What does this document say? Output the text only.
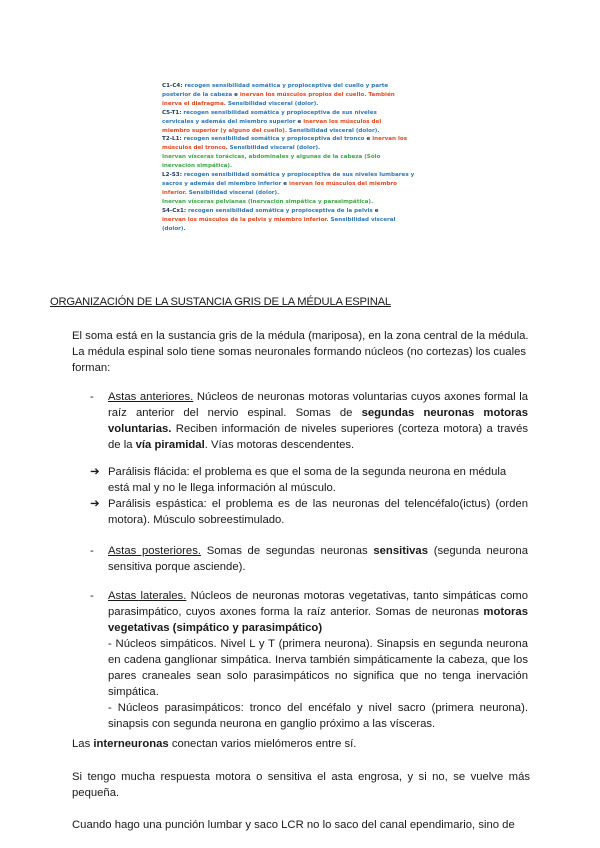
C1-C4: recogen sensibilidad somática y propioceptiva del cuello y parte

posterior de la cabeza e inervan los músculos propios del cuello. También

inerva el diafragma. Sensibilidad visceral (dolor).

C5-T1: recogen sensibilidad somática y propioceptiva de sus niveles

cervicales y además del miembro superior e inervan los músculos del

miembro superior (y alguno del cuello). Sensibilidad visceral (dolor).

T2-L1: recogen sensibilidad somática y propioceptiva del tronco e inervan los

músculos del tronco. Sensibilidad visceral (dolor).

Inervan vísceras torácicas, abdominales y algunas de la cabeza (Sólo

inervación simpática).

L2-S3: recogen sensibilidad somática y propioceptiva de sus niveles lumbares y

sacros y además del miembro inferior e inervan los músculos del miembro

inferior. Sensibilidad visceral (dolor).

Inervan vísceras pelvianas (Inervación simpática y parasimpática).

S4-Cx1: recogen sensibilidad somática y propioceptiva de la pelvis e

inervan los músculos de la pelvis y miembro inferior. Sensibilidad visceral

(dolor).

ORGANIZACIÓN DE LA SUSTANCIA GRIS DE LA MÉDULA ESPINAL
El soma está en la sustancia gris de la médula (mariposa), en la zona central de la médula.
La médula espinal solo tiene somas neuronales formando núcleos (no cortezas) los cuales
forman:
- Astas anteriores. Núcleos de neuronas motoras voluntarias cuyos axones formal la raíz anterior del nervio espinal. Somas de segundas neuronas motoras voluntarias. Reciben información de niveles superiores (corteza motora) a través de la vía piramidal. Vías motoras descendentes.

➔ Parálisis flácida: el problema es que el soma de la segunda neurona en médula está mal y no le llega información al músculo.

➔ Parálisis espástica: el problema es de las neuronas del telencéfalo(ictus) (orden motora). Músculo sobreestimulado.

- Astas posteriores. Somas de segundas neuronas sensitivas (segunda neurona sensitiva porque asciende).

- Astas laterales. Núcleos de neuronas motoras vegetativas, tanto simpáticas como parasimpático, cuyos axones forma la raíz anterior. Somas de neuronas motoras vegetativas (simpático y parasimpático)

- Núcleos simpáticos. Nivel L y T (primera neurona). Sinapsis en segunda neurona en cadena ganglionar simpática. Inerva también simpáticamente la cabeza, que los pares craneales sean solo parasimpáticos no significa que no tenga inervación simpática.

- Núcleos parasimpáticos: tronco del encéfalo y nivel sacro (primera neurona). sinapsis con segunda neurona en ganglio próximo a las vísceras.

Las interneuronas conectan varios mielómeros entre sí.

Si tengo mucha respuesta motora o sensitiva el asta engrosa, y si no, se vuelve más pequeña.

Cuando hago una punción lumbar y saco LCR no lo saco del canal ependimario, sino de
